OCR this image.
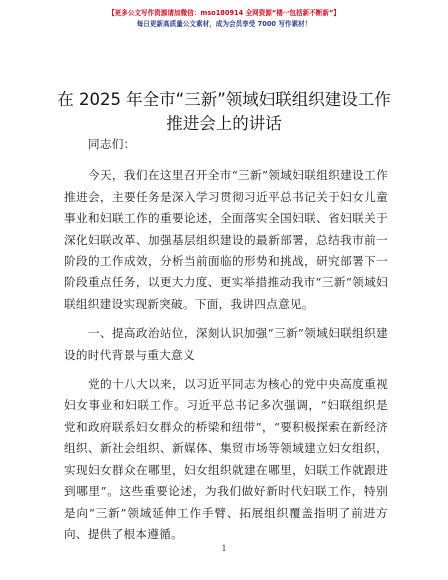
【更多公文写作资源请加微信：mso180914 全网资源“楼一包括新不断新”】
每日更新高质量公文素材，成为会员享受 7000 写作素材！
在 2025 年全市“三新”领域妇联组织建设工作
推进会上的讲话

同志们：

今天，我们在这里召开全市“三新”领域妇联组织建设工作推进会，主要任务是深入学习贯彻习近平总书记关于妇女儿童事业和妇联工作的重要论述，全面落实全国妇联、省妇联关于深化妇联改革、加强基层组织建设的最新部署，总结我市前一阶段的工作成效，分析当前面临的形势和挑战，研究部署下一阶段重点任务，以更大力度、更实举措推动我市“三新”领域妇联组织建设实现新突破。下面，我讲四点意见。

一、提高政治站位，深刻认识加强“三新”领域妇联组织建设的时代背景与重大意义

党的十八大以来，以习近平同志为核心的党中央高度重视妇女事业和妇联工作。习近平总书记多次强调，“妇联组织是党和政府联系妇女群众的桥梁和纽带”，“要积极探索在新经济组织、新社会组织、新媒体、集贸市场等领域建立妇女组织，实现妇女群众在哪里，妇女组织就建在哪里，妇联工作就跟进到哪里”。这些重要论述，为我们做好新时代妇联工作，特别是向“三新”领域延伸工作手臂、拓展组织覆盖指明了前进方向、提供了根本遵循。

1
